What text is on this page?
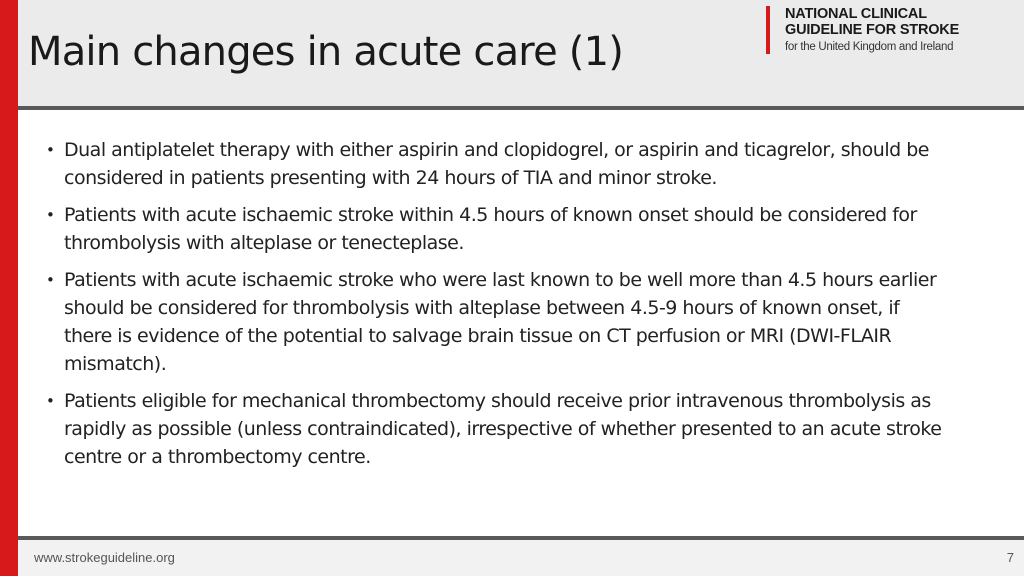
Main changes in acute care (1)
NATIONAL CLINICAL
GUIDELINE FOR STROKE
for the United Kingdom and Ireland
• Dual antiplatelet therapy with either aspirin and clopidogrel, or aspirin and ticagrelor, should be considered in patients presenting with 24 hours of TIA and minor stroke.
• Patients with acute ischaemic stroke within 4.5 hours of known onset should be considered for thrombolysis with alteplase or tenecteplase.
• Patients with acute ischaemic stroke who were last known to be well more than 4.5 hours earlier should be considered for thrombolysis with alteplase between 4.5-9 hours of known onset, if there is evidence of the potential to salvage brain tissue on CT perfusion or MRI (DWI-FLAIR mismatch).
• Patients eligible for mechanical thrombectomy should receive prior intravenous thrombolysis as rapidly as possible (unless contraindicated), irrespective of whether presented to an acute stroke centre or a thrombectomy centre.
www.strokeguideline.org	7
